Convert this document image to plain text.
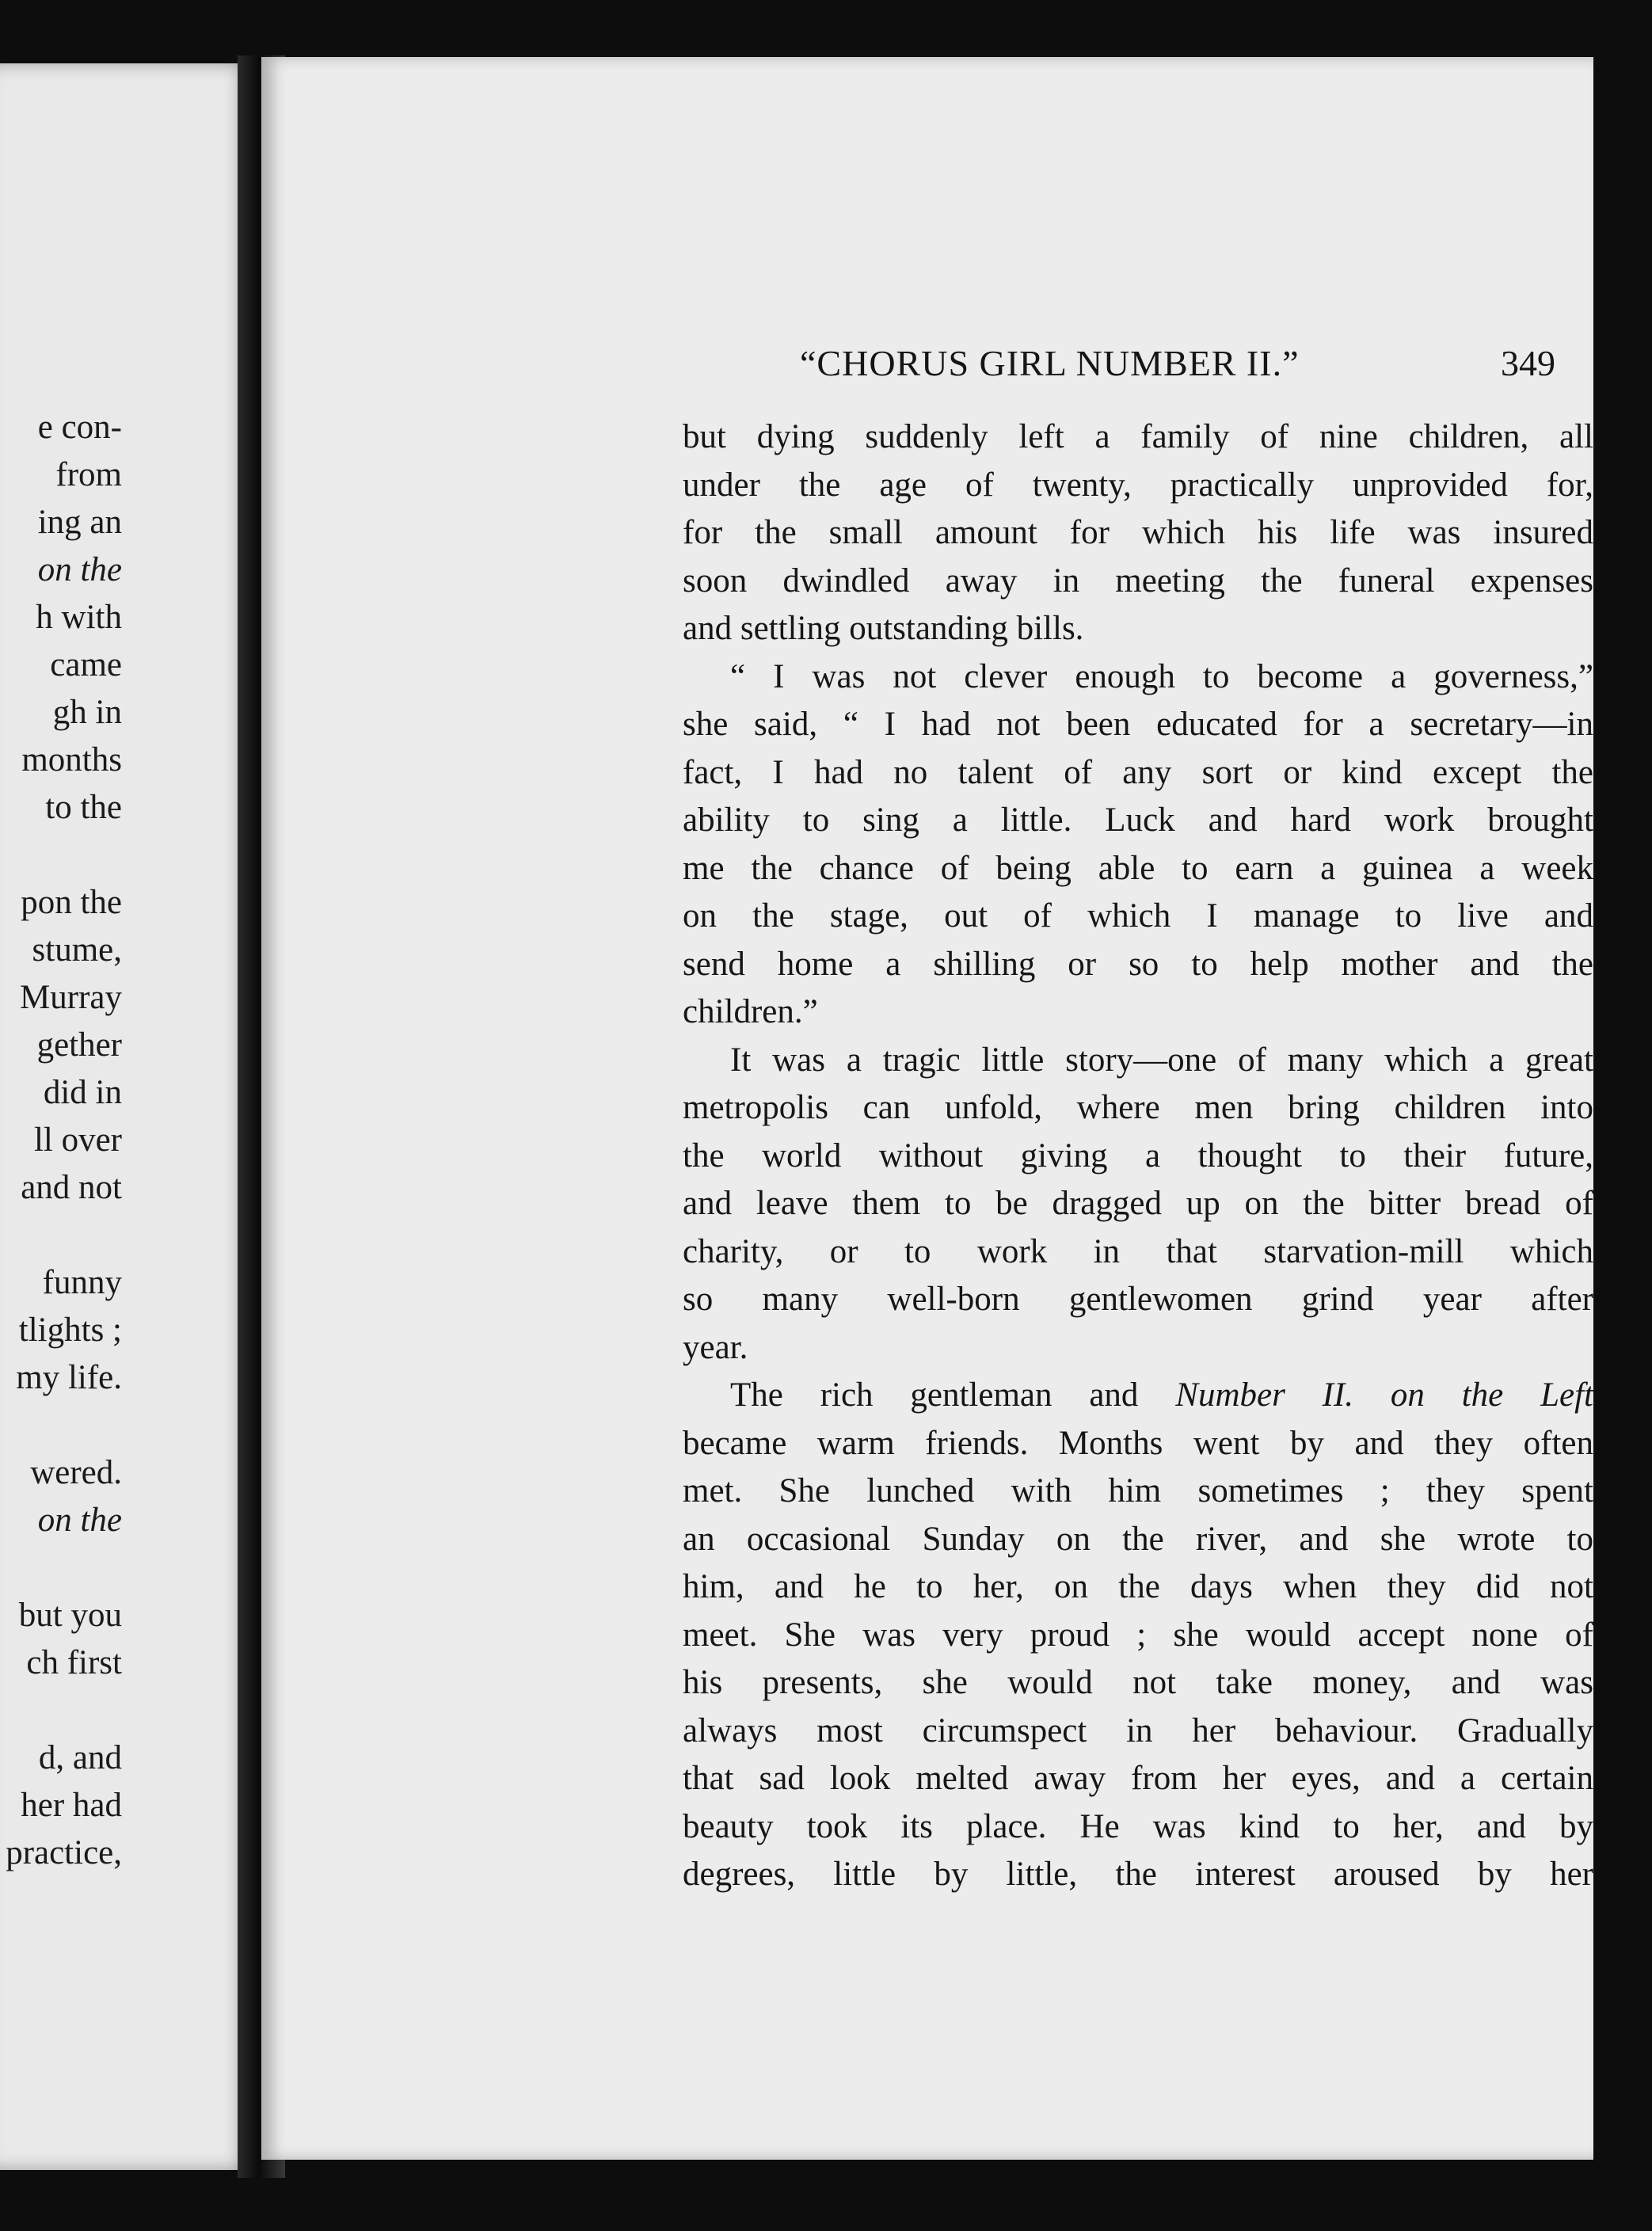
e con-
from
ing an
on the
h with
came
gh in
months
to the
pon the
stume,
Murray
gether
did in
ll over
and not
funny
tlights ;
my life.
wered.
on the
but you
ch first
d, and
her had
practice,
“CHORUS GIRL NUMBER II.”	349
but dying suddenly left a family of nine children, all
under the age of twenty, practically unprovided for,
for the small amount for which his life was insured
soon dwindled away in meeting the funeral expenses
and settling outstanding bills.
“ I was not clever enough to become a governess,”
she said, “ I had not been educated for a secretary—in
fact, I had no talent of any sort or kind except the
ability to sing a little. Luck and hard work brought
me the chance of being able to earn a guinea a week
on the stage, out of which I manage to live and
send home a shilling or so to help mother and the
children.”
It was a tragic little story—one of many which a great
metropolis can unfold, where men bring children into
the world without giving a thought to their future,
and leave them to be dragged up on the bitter bread of
charity, or to work in that starvation-mill which
so many well-born gentlewomen grind year after
year.
The rich gentleman and Number II. on the Left
became warm friends. Months went by and they often
met. She lunched with him sometimes ; they spent
an occasional Sunday on the river, and she wrote to
him, and he to her, on the days when they did not
meet. She was very proud ; she would accept none of
his presents, she would not take money, and was
always most circumspect in her behaviour. Gradually
that sad look melted away from her eyes, and a certain
beauty took its place. He was kind to her, and by
degrees, little by little, the interest aroused by her
